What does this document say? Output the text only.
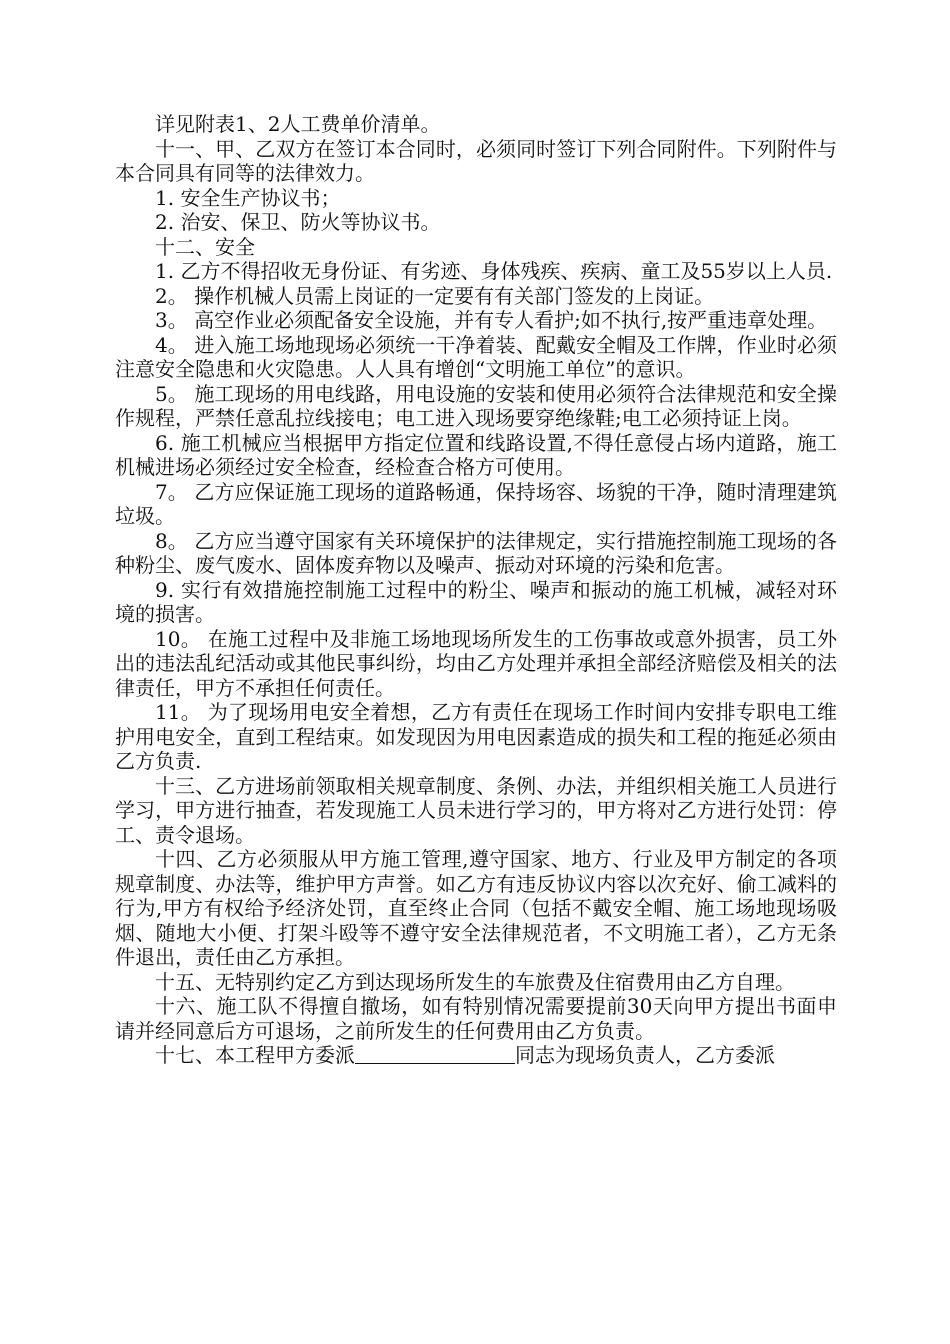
详见附表1、2人工费单价清单。

十一、甲、乙双方在签订本合同时，必须同时签订下列合同附件。下列附件与本合同具有同等的法律效力。

1. 安全生产协议书；

2. 治安、保卫、防火等协议书。

十二、安全

1. 乙方不得招收无身份证、有劣迹、身体残疾、疾病、童工及55岁以上人员.

2。 操作机械人员需上岗证的一定要有有关部门签发的上岗证。

3。 高空作业必须配备安全设施，并有专人看护;如不执行,按严重违章处理。

4。 进入施工场地现场必须统一干净着装、配戴安全帽及工作牌，作业时必须注意安全隐患和火灾隐患。人人具有增创“文明施工单位”的意识。

5。 施工现场的用电线路，用电设施的安装和使用必须符合法律规范和安全操作规程，严禁任意乱拉线接电；电工进入现场要穿绝缘鞋;电工必须持证上岗。

6. 施工机械应当根据甲方指定位置和线路设置,不得任意侵占场内道路，施工机械进场必须经过安全检查，经检查合格方可使用。

7。 乙方应保证施工现场的道路畅通，保持场容、场貌的干净，随时清理建筑垃圾。

8。 乙方应当遵守国家有关环境保护的法律规定，实行措施控制施工现场的各种粉尘、废气废水、固体废弃物以及噪声、振动对环境的污染和危害。

9. 实行有效措施控制施工过程中的粉尘、噪声和振动的施工机械，减轻对环境的损害。

10。 在施工过程中及非施工场地现场所发生的工伤事故或意外损害，员工外出的违法乱纪活动或其他民事纠纷，均由乙方处理并承担全部经济赔偿及相关的法律责任，甲方不承担任何责任。

11。 为了现场用电安全着想，乙方有责任在现场工作时间内安排专职电工维护用电安全，直到工程结束。如发现因为用电因素造成的损失和工程的拖延必须由乙方负责.

十三、乙方进场前领取相关规章制度、条例、办法，并组织相关施工人员进行学习，甲方进行抽查，若发现施工人员未进行学习的，甲方将对乙方进行处罚：停工、责令退场。

十四、乙方必须服从甲方施工管理,遵守国家、地方、行业及甲方制定的各项规章制度、办法等，维护甲方声誉。如乙方有违反协议内容以次充好、偷工减料的行为,甲方有权给予经济处罚，直至终止合同（包括不戴安全帽、施工场地现场吸烟、随地大小便、打架斗殴等不遵守安全法律规范者，不文明施工者），乙方无条件退出，责任由乙方承担。

十五、无特别约定乙方到达现场所发生的车旅费及住宿费用由乙方自理。

十六、施工队不得擅自撤场，如有特别情况需要提前30天向甲方提出书面申请并经同意后方可退场，之前所发生的任何费用由乙方负责。

十七、本工程甲方委派	同志为现场负责人，乙方委派
